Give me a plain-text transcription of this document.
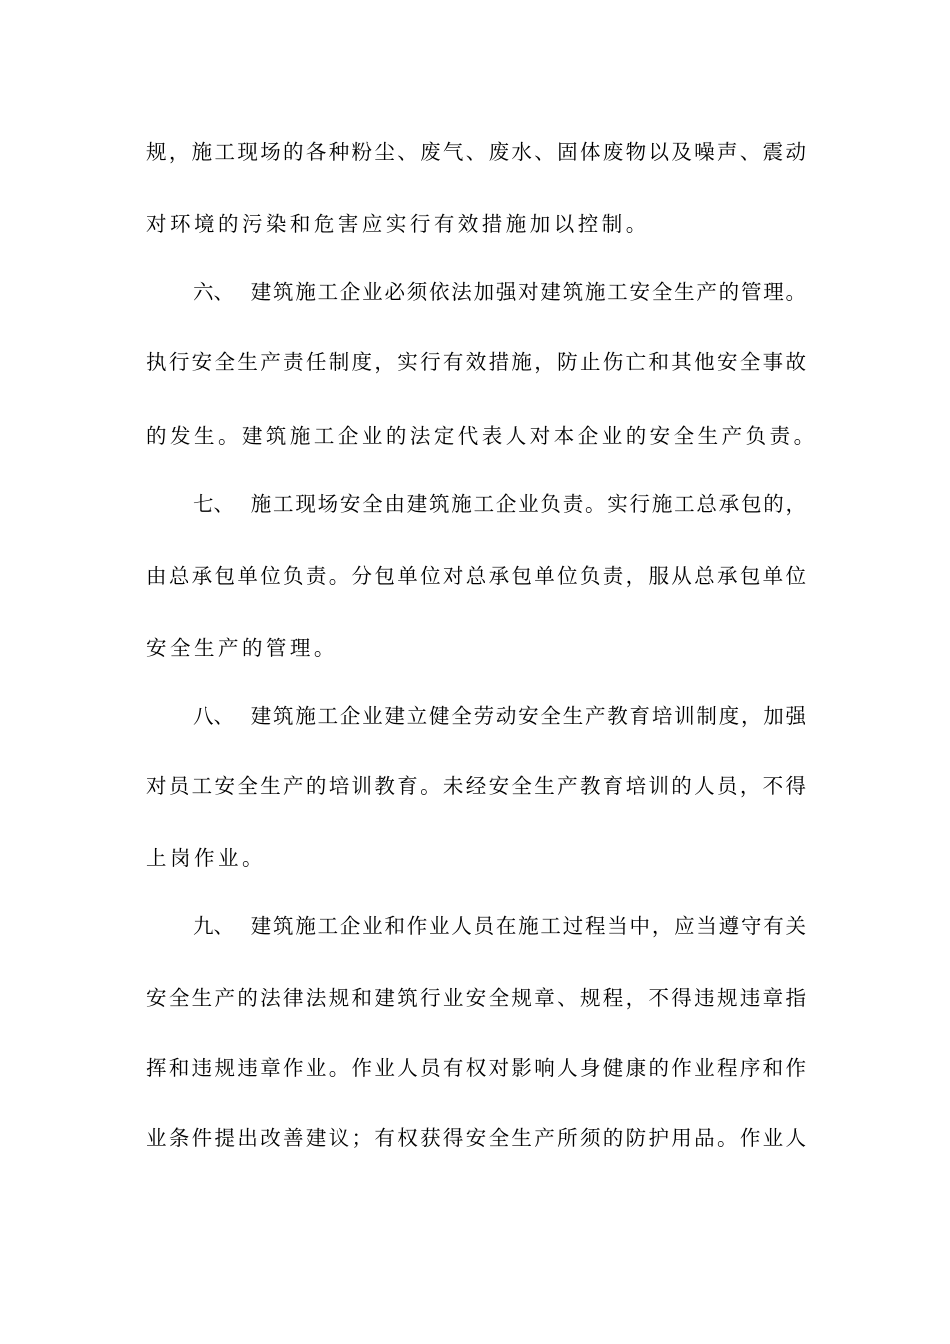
规，施工现场的各种粉尘、废气、废水、固体废物以及噪声、震动
对环境的污染和危害应实行有效措施加以控制。
六、 建筑施工企业必须依法加强对建筑施工安全生产的管理。
执行安全生产责任制度，实行有效措施，防止伤亡和其他安全事故
的发生。建筑施工企业的法定代表人对本企业的安全生产负责。
七、 施工现场安全由建筑施工企业负责。实行施工总承包的，
由总承包单位负责。分包单位对总承包单位负责，服从总承包单位
安全生产的管理。
八、 建筑施工企业建立健全劳动安全生产教育培训制度，加强
对员工安全生产的培训教育。未经安全生产教育培训的人员，不得
上岗作业。
九、 建筑施工企业和作业人员在施工过程当中，应当遵守有关
安全生产的法律法规和建筑行业安全规章、规程，不得违规违章指
挥和违规违章作业。作业人员有权对影响人身健康的作业程序和作
业条件提出改善建议；有权获得安全生产所须的防护用品。作业人
